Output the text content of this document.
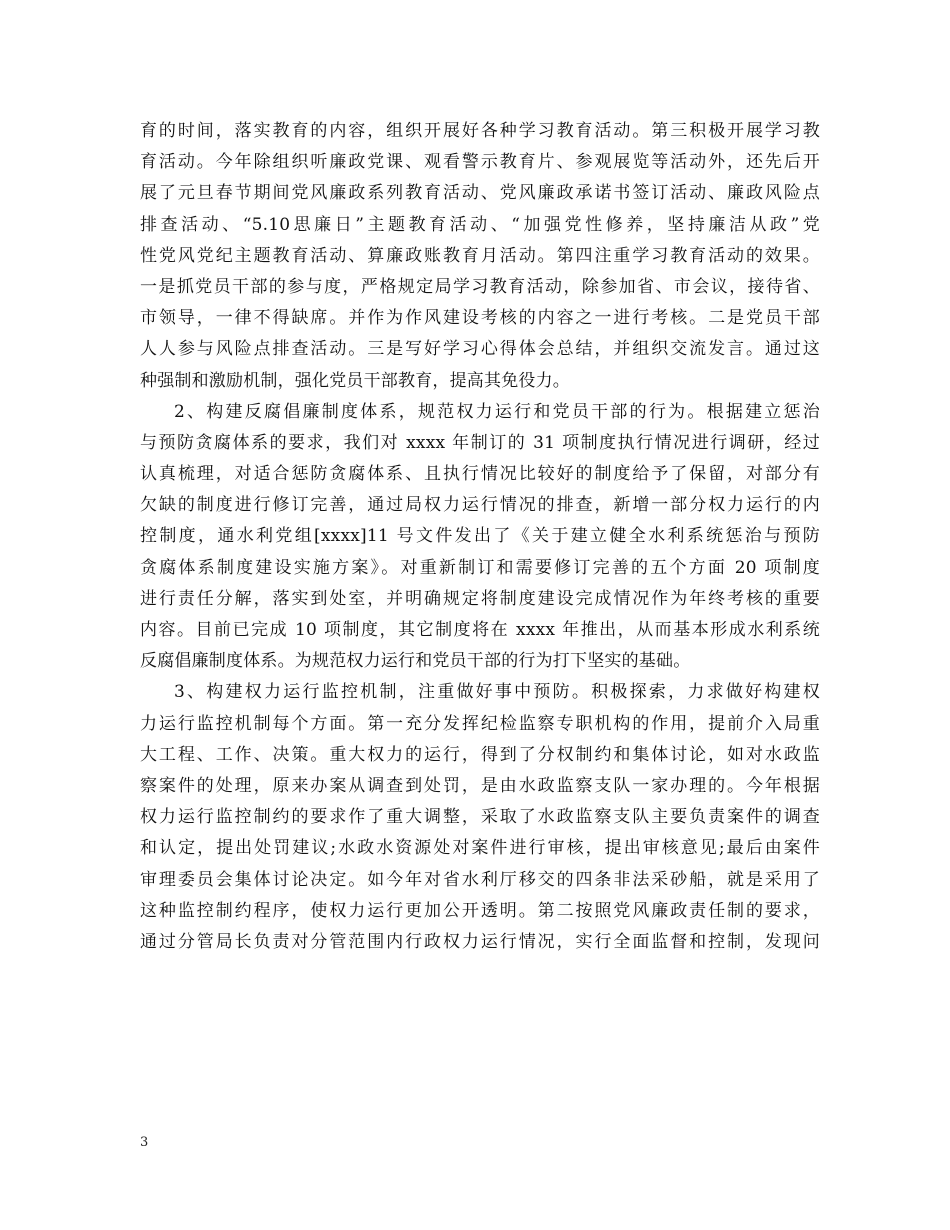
育的时间，落实教育的内容，组织开展好各种学习教育活动。第三积极开展学习教
育活动。今年除组织听廉政党课、观看警示教育片、参观展览等活动外，还先后开
展了元旦春节期间党风廉政系列教育活动、党风廉政承诺书签订活动、廉政风险点
排查活动、“5.10思廉日”主题教育活动、“加强党性修养，坚持廉洁从政”党
性党风党纪主题教育活动、算廉政账教育月活动。第四注重学习教育活动的效果。
一是抓党员干部的参与度，严格规定局学习教育活动，除参加省、市会议，接待省、
市领导，一律不得缺席。并作为作风建设考核的内容之一进行考核。二是党员干部
人人参与风险点排查活动。三是写好学习心得体会总结，并组织交流发言。通过这
种强制和激励机制，强化党员干部教育，提高其免役力。
2、构建反腐倡廉制度体系，规范权力运行和党员干部的行为。根据建立惩治
与预防贪腐体系的要求，我们对 xxxx 年制订的 31 项制度执行情况进行调研，经过
认真梳理，对适合惩防贪腐体系、且执行情况比较好的制度给予了保留，对部分有
欠缺的制度进行修订完善，通过局权力运行情况的排查，新增一部分权力运行的内
控制度，通水利党组[xxxx]11 号文件发出了《关于建立健全水利系统惩治与预防
贪腐体系制度建设实施方案》。对重新制订和需要修订完善的五个方面 20 项制度
进行责任分解，落实到处室，并明确规定将制度建设完成情况作为年终考核的重要
内容。目前已完成 10 项制度，其它制度将在 xxxx 年推出，从而基本形成水利系统
反腐倡廉制度体系。为规范权力运行和党员干部的行为打下坚实的基础。
3、构建权力运行监控机制，注重做好事中预防。积极探索，力求做好构建权
力运行监控机制每个方面。第一充分发挥纪检监察专职机构的作用，提前介入局重
大工程、工作、决策。重大权力的运行，得到了分权制约和集体讨论，如对水政监
察案件的处理，原来办案从调查到处罚，是由水政监察支队一家办理的。今年根据
权力运行监控制约的要求作了重大调整，采取了水政监察支队主要负责案件的调查
和认定，提出处罚建议;水政水资源处对案件进行审核，提出审核意见;最后由案件
审理委员会集体讨论决定。如今年对省水利厅移交的四条非法采砂船，就是采用了
这种监控制约程序，使权力运行更加公开透明。第二按照党风廉政责任制的要求，
通过分管局长负责对分管范围内行政权力运行情况，实行全面监督和控制，发现问
3
